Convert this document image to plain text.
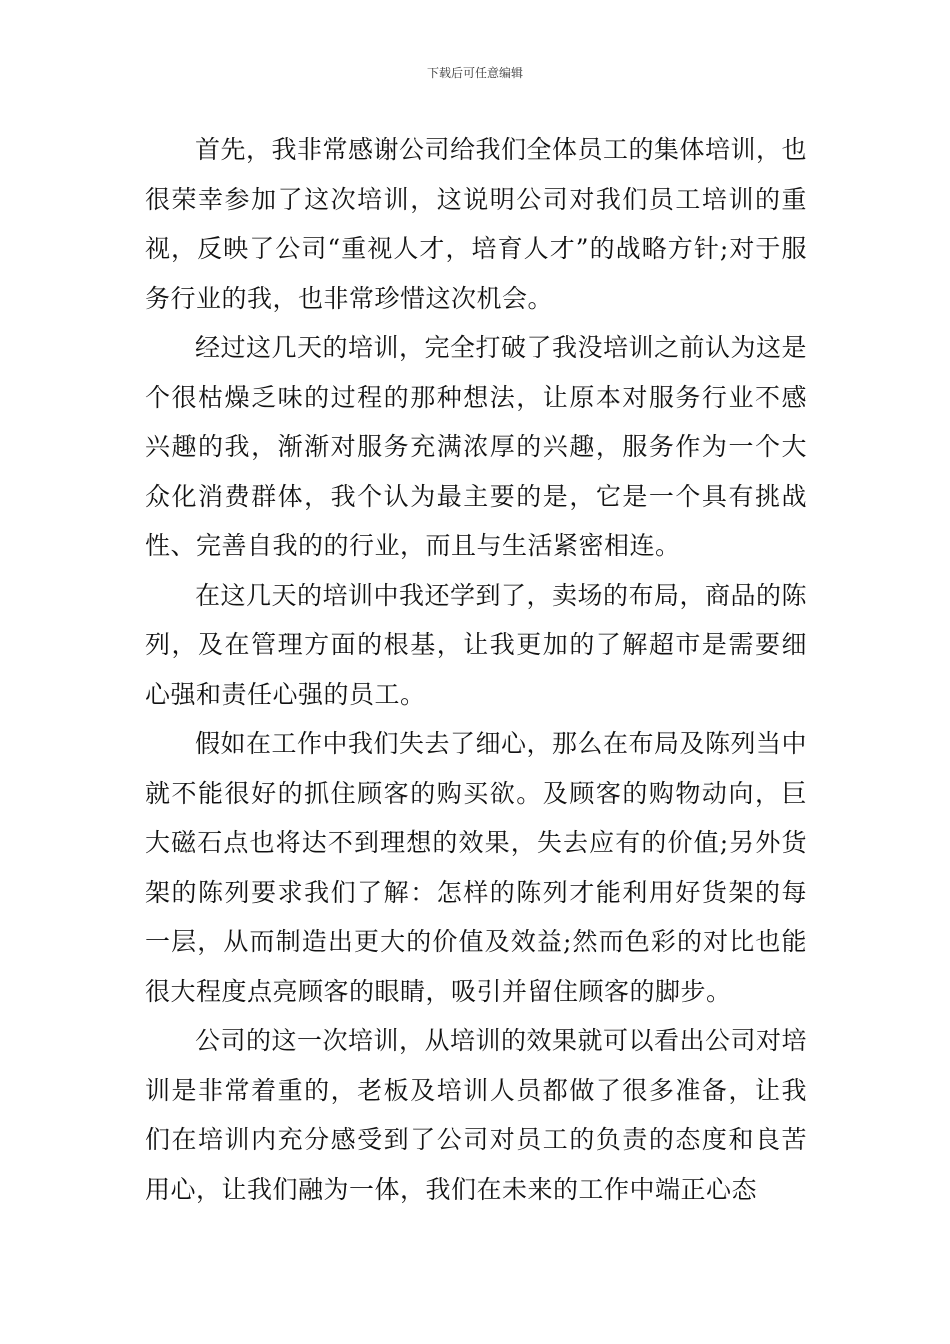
下载后可任意编辑

首先，我非常感谢公司给我们全体员工的集体培训，也很荣幸参加了这次培训，这说明公司对我们员工培训的重视，反映了公司“重视人才，培育人才”的战略方针;对于服务行业的我，也非常珍惜这次机会。

经过这几天的培训，完全打破了我没培训之前认为这是个很枯燥乏味的过程的那种想法，让原本对服务行业不感兴趣的我，渐渐对服务充满浓厚的兴趣，服务作为一个大众化消费群体，我个认为最主要的是，它是一个具有挑战性、完善自我的的行业，而且与生活紧密相连。

在这几天的培训中我还学到了，卖场的布局，商品的陈列，及在管理方面的根基，让我更加的了解超市是需要细心强和责任心强的员工。

假如在工作中我们失去了细心，那么在布局及陈列当中就不能很好的抓住顾客的购买欲。及顾客的购物动向，巨大磁石点也将达不到理想的效果，失去应有的价值;另外货架的陈列要求我们了解：怎样的陈列才能利用好货架的每一层，从而制造出更大的价值及效益;然而色彩的对比也能很大程度点亮顾客的眼睛，吸引并留住顾客的脚步。

公司的这一次培训，从培训的效果就可以看出公司对培训是非常着重的，老板及培训人员都做了很多准备，让我们在培训内充分感受到了公司对员工的负责的态度和良苦用心，让我们融为一体，我们在未来的工作中端正心态
